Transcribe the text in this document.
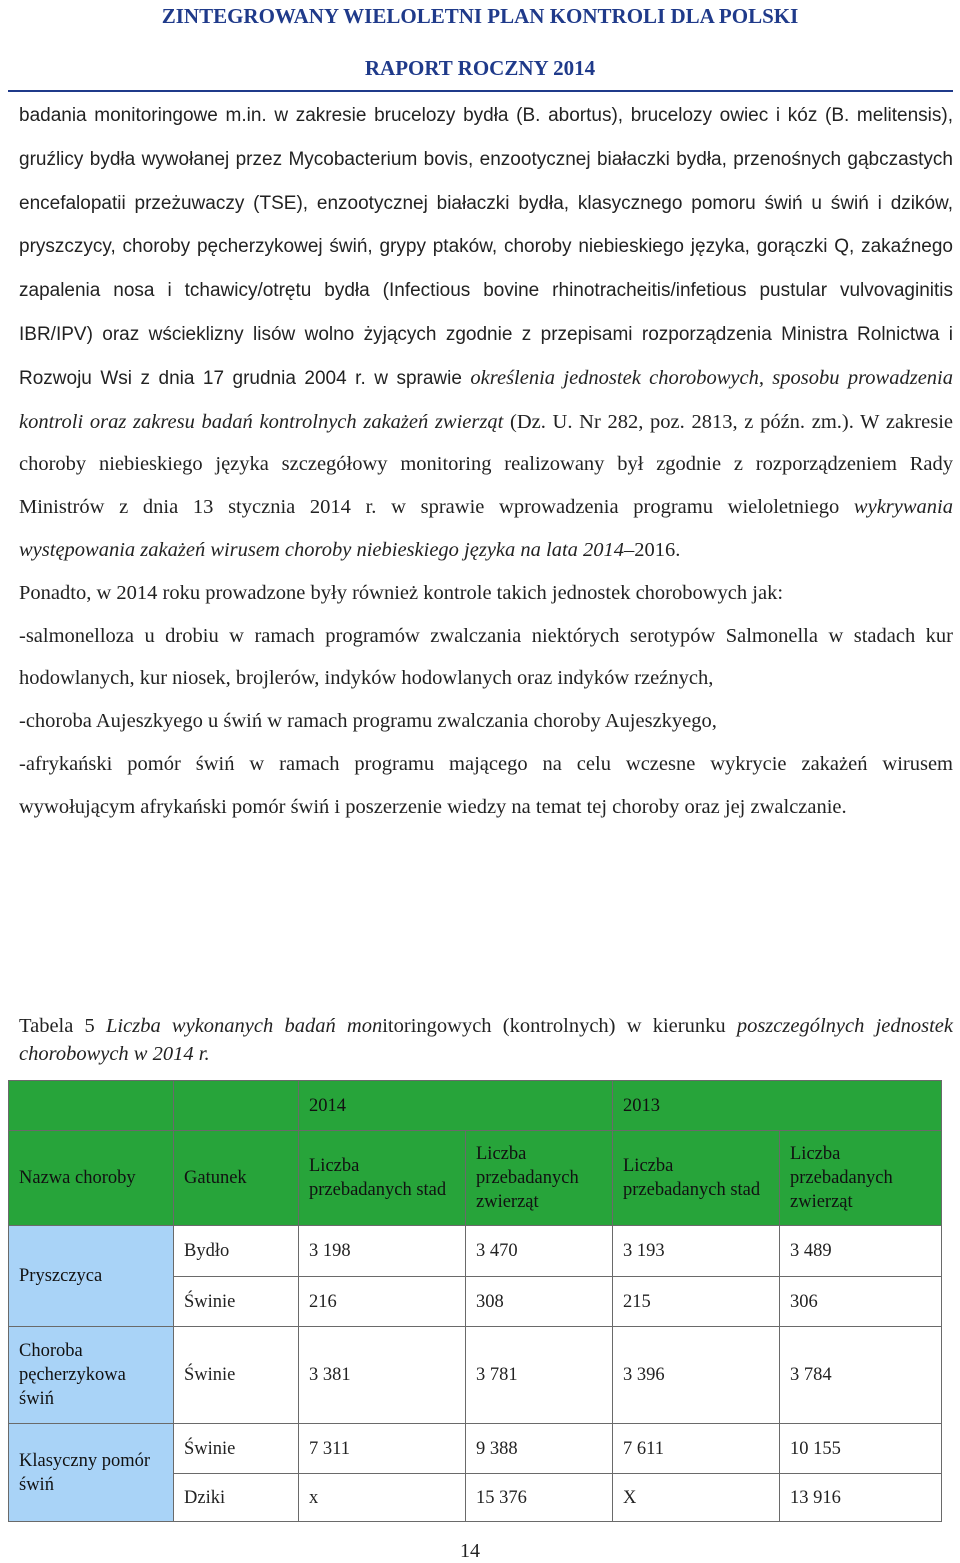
ZINTEGROWANY WIELOLETNI PLAN KONTROLI DLA POLSKI
RAPORT ROCZNY 2014

badania monitoringowe m.in. w zakresie brucelozy bydła (B. abortus), brucelozy owiec i kóz (B. melitensis), gruźlicy bydła wywołanej przez Mycobacterium bovis, enzootycznej białaczki bydła, przenośnych gąbczastych encefalopatii przeżuwaczy (TSE), enzootycznej białaczki bydła, klasycznego pomoru świń u świń i dzików, pryszczycy, choroby pęcherzykowej świń, grypy ptaków, choroby niebieskiego języka, gorączki Q, zakaźnego zapalenia nosa i tchawicy/otrętu bydła (Infectious bovine rhinotracheitis/infetious pustular vulvovaginitis IBR/IPV) oraz wścieklizny lisów wolno żyjących zgodnie z przepisami rozporządzenia Ministra Rolnictwa i Rozwoju Wsi z dnia 17 grudnia 2004 r. w sprawie określenia jednostek chorobowych, sposobu prowadzenia kontroli oraz zakresu badań kontrolnych zakażeń zwierząt (Dz. U. Nr 282, poz. 2813, z późn. zm.). W zakresie choroby niebieskiego języka szczegółowy monitoring realizowany był zgodnie z rozporządzeniem Rady Ministrów z dnia 13 stycznia 2014 r. w sprawie wprowadzenia programu wieloletniego wykrywania występowania zakażeń wirusem choroby niebieskiego języka na lata 2014–2016.

Ponadto, w 2014 roku prowadzone były również kontrole takich jednostek chorobowych jak:

-salmonelloza u drobiu w ramach programów zwalczania niektórych serotypów Salmonella w stadach kur hodowlanych, kur niosek, brojlerów, indyków hodowlanych oraz indyków rzeźnych,

-choroba Aujeszkyego u świń w ramach programu zwalczania choroby Aujeszkyego,

-afrykański pomór świń w ramach programu mającego na celu wczesne wykrycie zakażeń wirusem wywołującym afrykański pomór świń i poszerzenie wiedzy na temat tej choroby oraz jej zwalczanie.

Tabela 5 Liczba wykonanych badań monitoringowych (kontrolnych) w kierunku poszczególnych jednostek chorobowych w 2014 r.
		2014		2013	
Nazwa choroby	Gatunek	Liczba przebadanych stad	Liczba przebadanych zwierząt	Liczba przebadanych stad	Liczba przebadanych zwierząt
Pryszczyca	Bydło	3 198	3 470	3 193	3 489
	Świnie	216	308	215	306
Choroba pęcherzykowa świń	Świnie	3 381	3 781	3 396	3 784
Klasyczny pomór świń	Świnie	7 311	9 388	7 611	10 155
	Dziki	x	15 376	X	13 916
14
